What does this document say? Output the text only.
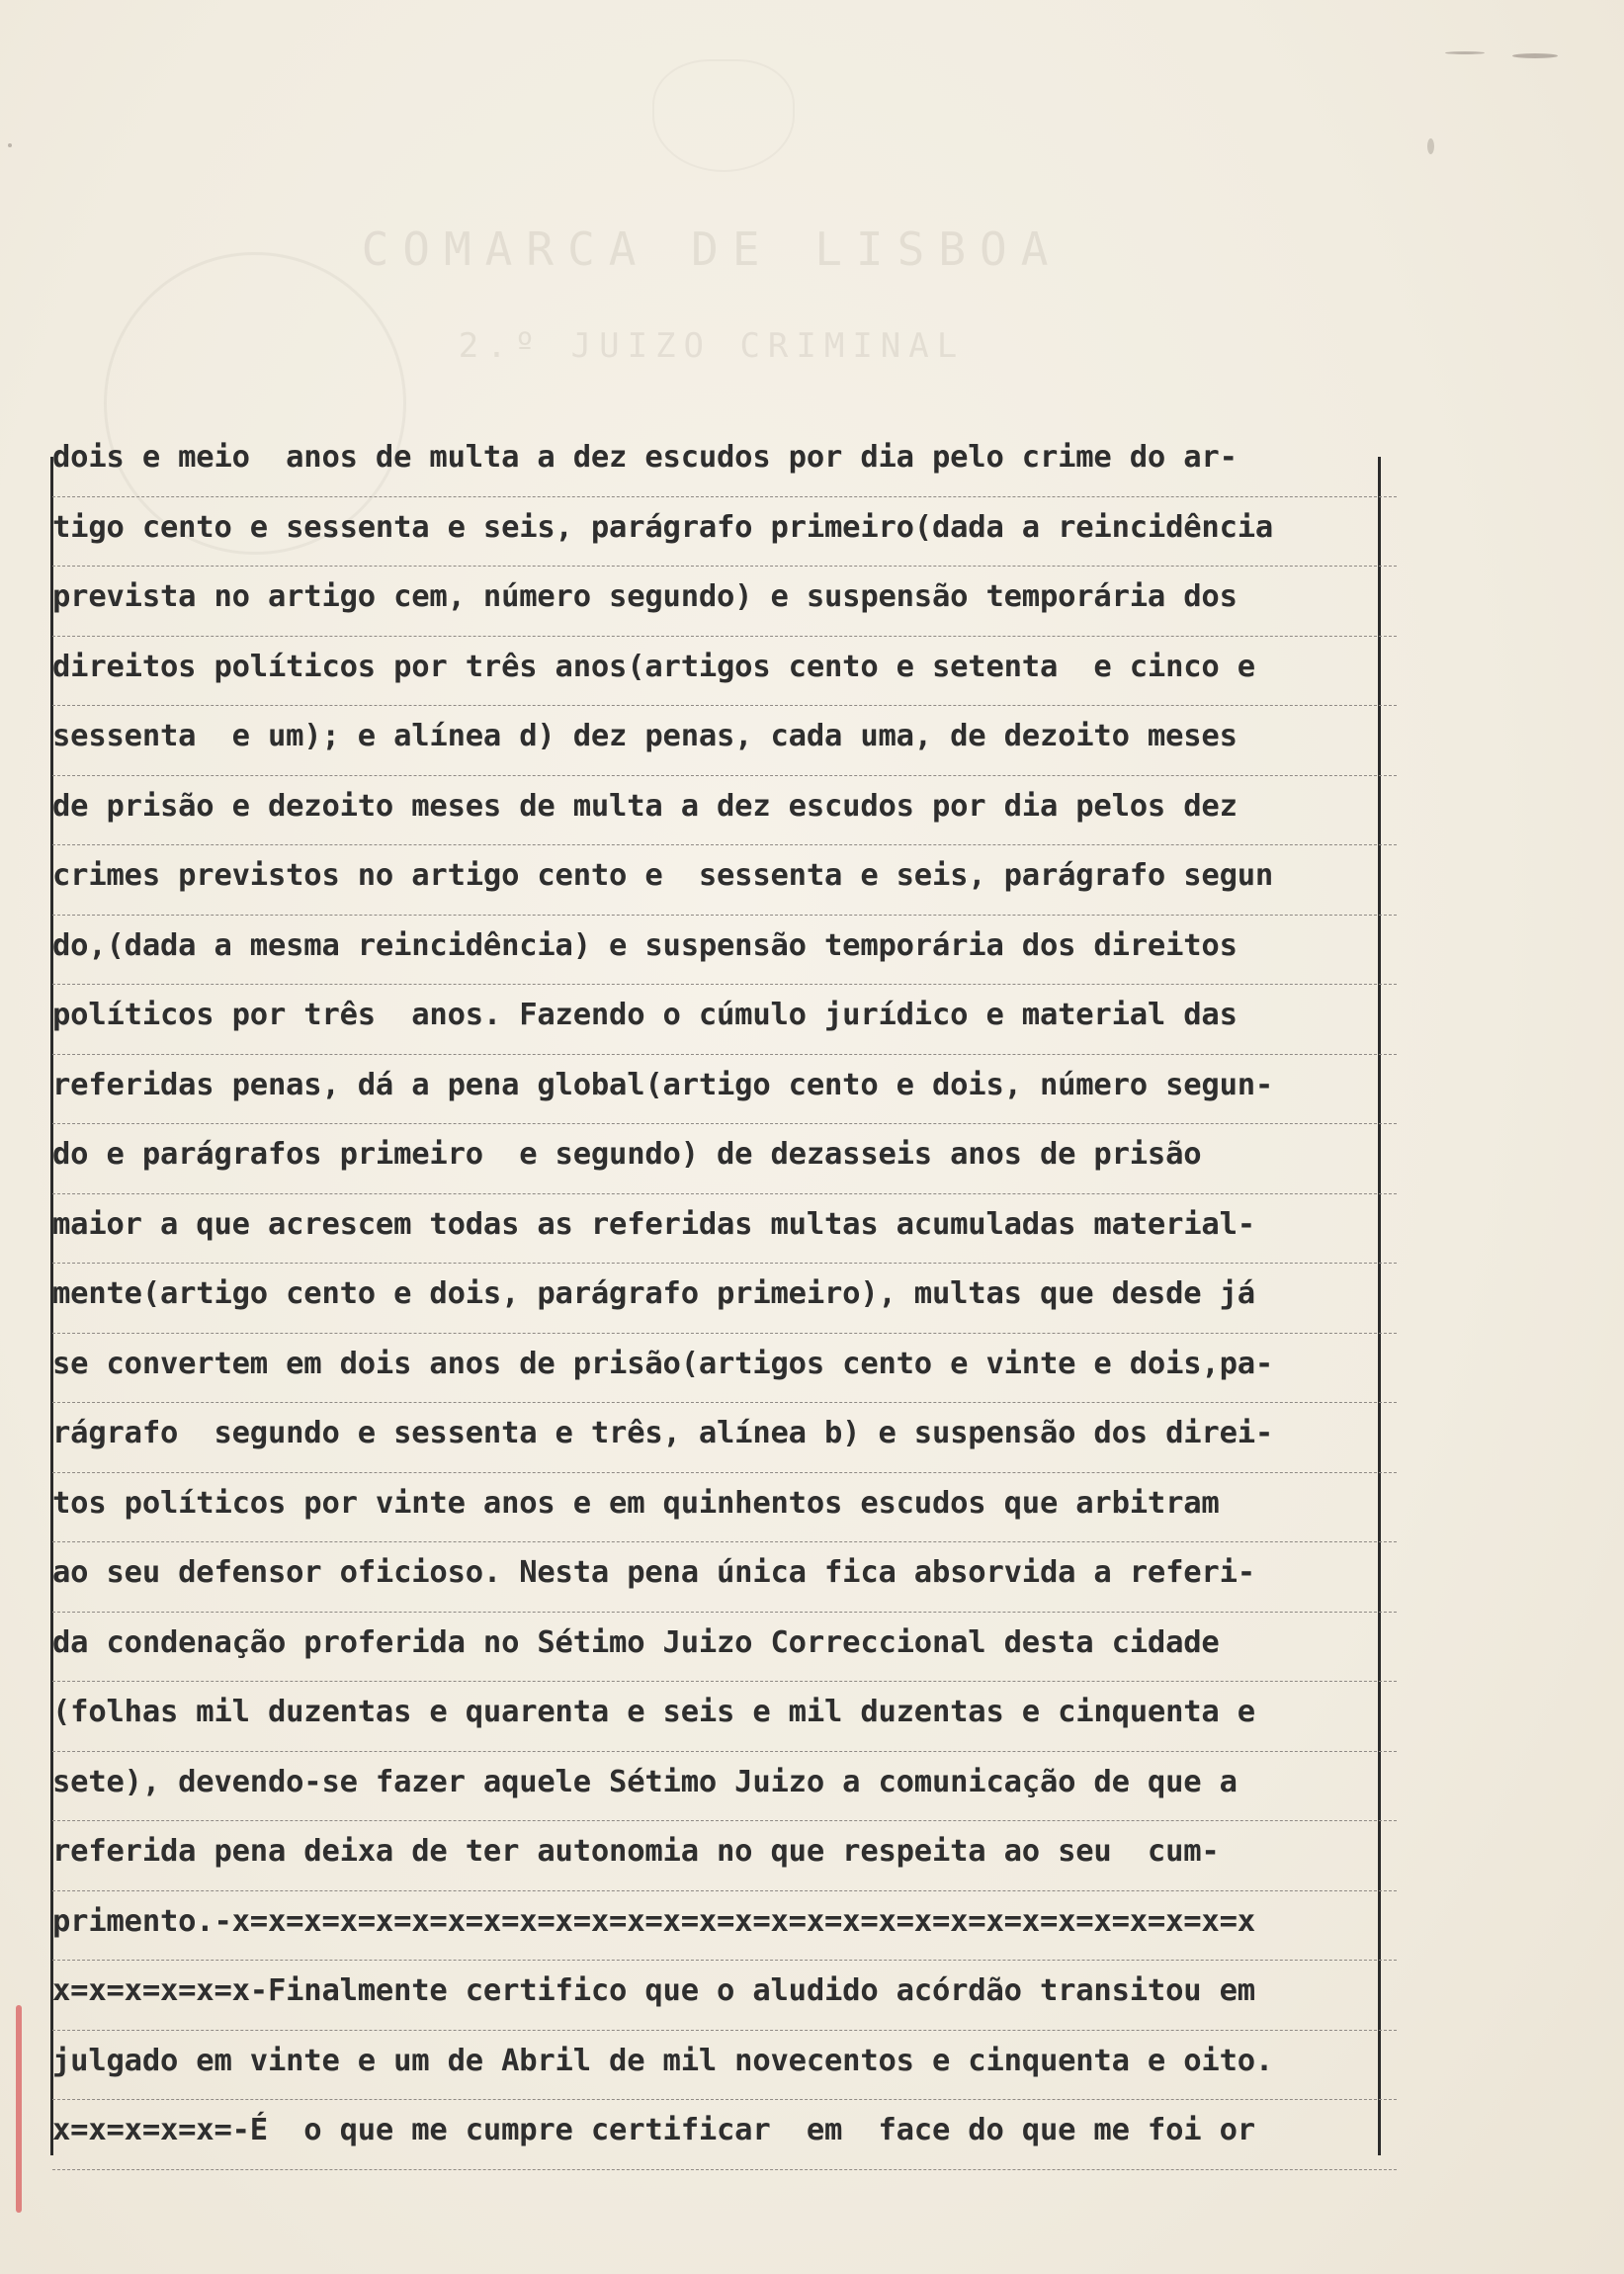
COMARCA DE LISBOA
2.º JUIZO CRIMINAL
dois e meio  anos de multa a dez escudos por dia pelo crime do ar-
tigo cento e sessenta e seis, parágrafo primeiro(dada a reincidência
prevista no artigo cem, número segundo) e suspensão temporária dos
direitos políticos por três anos(artigos cento e setenta  e cinco e
sessenta  e um); e alínea d) dez penas, cada uma, de dezoito meses
de prisão e dezoito meses de multa a dez escudos por dia pelos dez
crimes previstos no artigo cento e  sessenta e seis, parágrafo segun
do,(dada a mesma reincidência) e suspensão temporária dos direitos
políticos por três  anos. Fazendo o cúmulo jurídico e material das
referidas penas, dá a pena global(artigo cento e dois, número segun-
do e parágrafos primeiro  e segundo) de dezasseis anos de prisão
maior a que acrescem todas as referidas multas acumuladas material-
mente(artigo cento e dois, parágrafo primeiro), multas que desde já
se convertem em dois anos de prisão(artigos cento e vinte e dois,pa-
rágrafo  segundo e sessenta e três, alínea b) e suspensão dos direi-
tos políticos por vinte anos e em quinhentos escudos que arbitram
ao seu defensor oficioso. Nesta pena única fica absorvida a referi-
da condenação proferida no Sétimo Juizo Correccional desta cidade
(folhas mil duzentas e quarenta e seis e mil duzentas e cinquenta e
sete), devendo-se fazer aquele Sétimo Juizo a comunicação de que a
referida pena deixa de ter autonomia no que respeita ao seu  cum-
primento.-x=x=x=x=x=x=x=x=x=x=x=x=x=x=x=x=x=x=x=x=x=x=x=x=x=x=x=x=x
x=x=x=x=x=x-Finalmente certifico que o aludido acórdão transitou em
julgado em vinte e um de Abril de mil novecentos e cinquenta e oito.
x=x=x=x=x=-É  o que me cumpre certificar  em  face do que me foi or
